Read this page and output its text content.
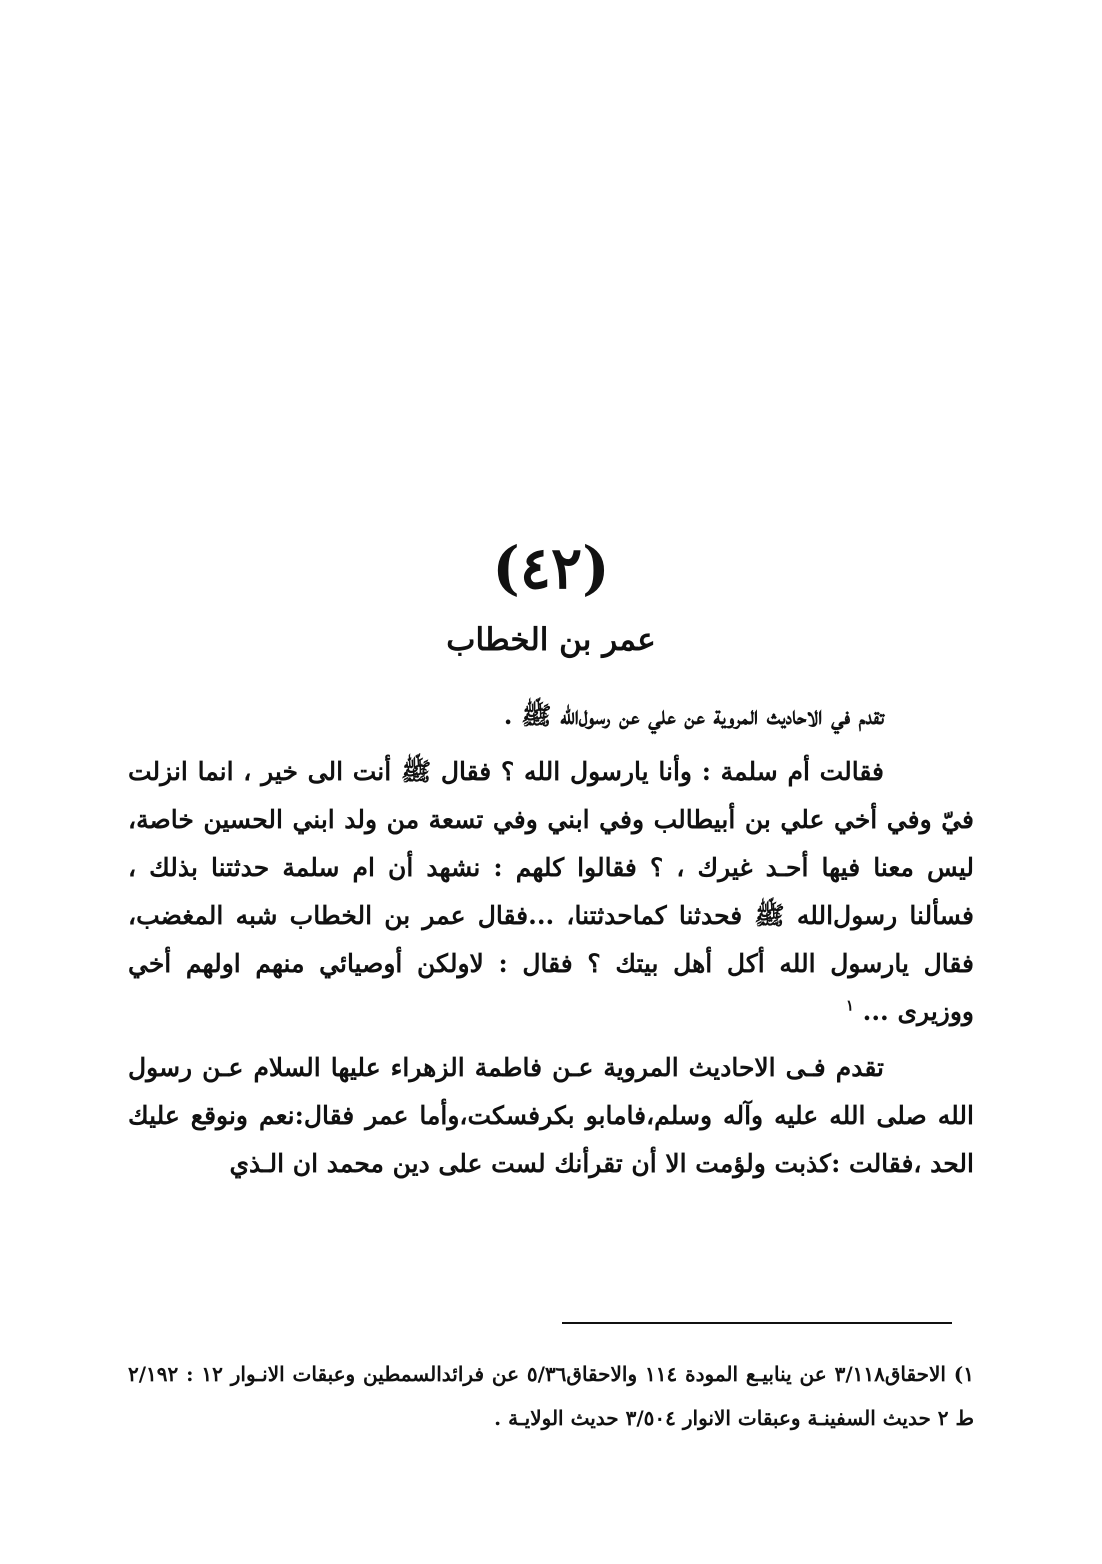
(٤٢)
عمر بن الخطاب

تقدم في الاحاديث المروية عن علي عن رسول‌الله ﷺ .

فقالت أم سلمة : وأنا يارسول الله ؟ فقال ﷺ أنت الى خير ، انما انزلت فيّ وفي أخي علي بن أبيطالب وفي ابني وفي تسعة من ولد ابني الحسين خاصة، ليس معنا فيها أحـد غيرك ، ؟ فقالوا كلهم : نشهد أن ام سلمة حدثتنا بذلك ، فسألنا رسول‌الله ﷺ فحدثنا كماحدثتنا، ...فقال عمر بن الخطاب شبه المغضب، فقال يارسول الله أكل أهل بيتك ؟ فقال : لاولكن أوصيائي منهم اولهم أخي ووزيرى ... $^١$

تقدم فـى الاحاديث المروية عـن فاطمة الزهراء عليها السلام عـن رسول الله صلى الله عليه وآله وسلم،فامابو بكرفسكت،وأما عمر فقال:نعم ونوقع عليك الحد ،فقالت :كذبت ولؤمت الا أن تقرأنك لست على دين محمد ان الـذي

١) الاحقاق٣/١١٨ عن ينابيـع المودة ١١٤ والاحقاق٥/٣٦ عن فرائدالسمطين وعبقات الانـوار ١٢ : ٢/١٩٢ ط ٢ حديث السفينـة وعبقات الانوار ٣/٥٠٤ حديث الولايـة .
